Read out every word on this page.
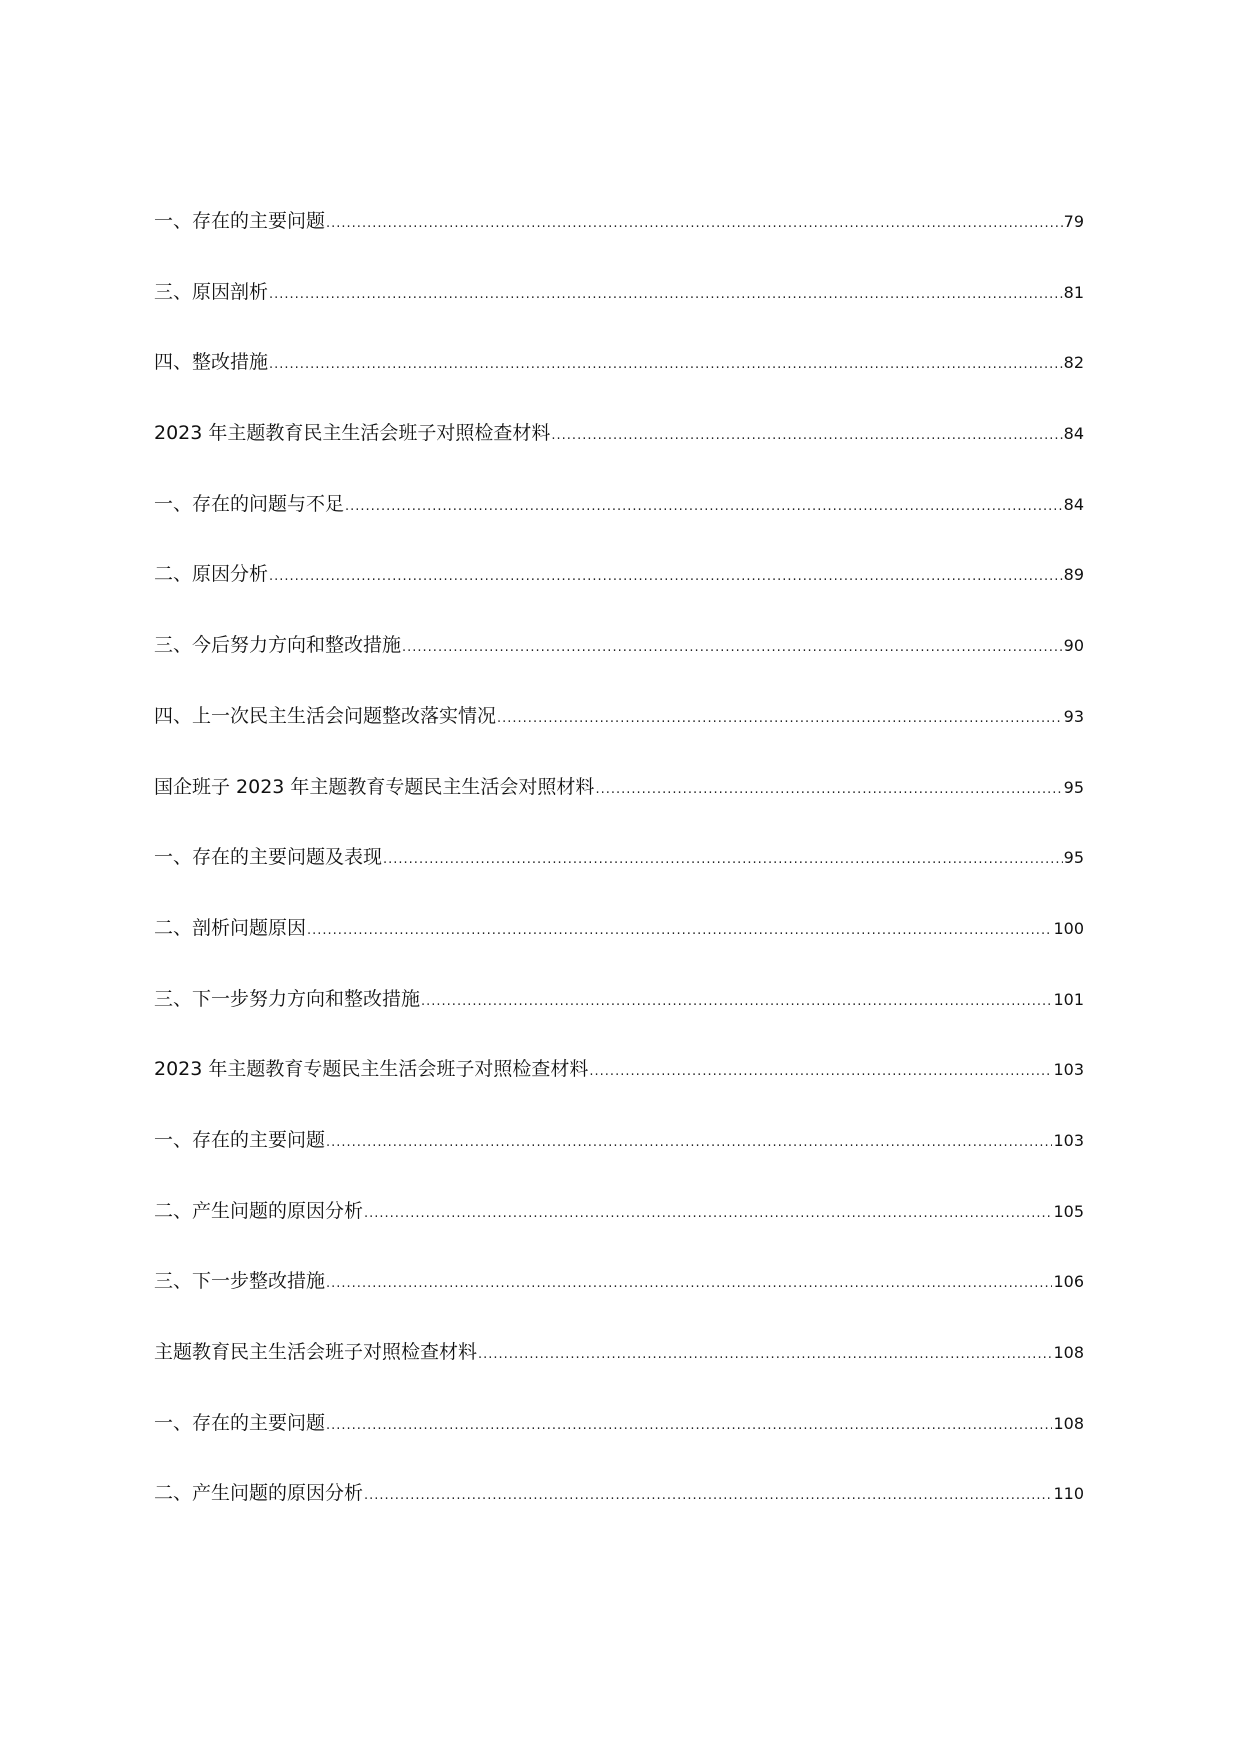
一、存在的主要问题 .....	79
三、原因剖析 .....	81
四、整改措施 .....	82
2023 年主题教育民主生活会班子对照检查材料 .....	84
一、存在的问题与不足 .....	84
二、原因分析 .....	89
三、今后努力方向和整改措施 .....	90
四、上一次民主生活会问题整改落实情况 .....	93
国企班子 2023 年主题教育专题民主生活会对照材料 .....	95
一、存在的主要问题及表现 .....	95
二、剖析问题原因 .....	100
三、下一步努力方向和整改措施 .....	101
2023 年主题教育专题民主生活会班子对照检查材料 .....	103
一、存在的主要问题 .....	103
二、产生问题的原因分析 .....	105
三、下一步整改措施 .....	106
主题教育民主生活会班子对照检查材料 .....	108
一、存在的主要问题 .....	108
二、产生问题的原因分析 .....	110
